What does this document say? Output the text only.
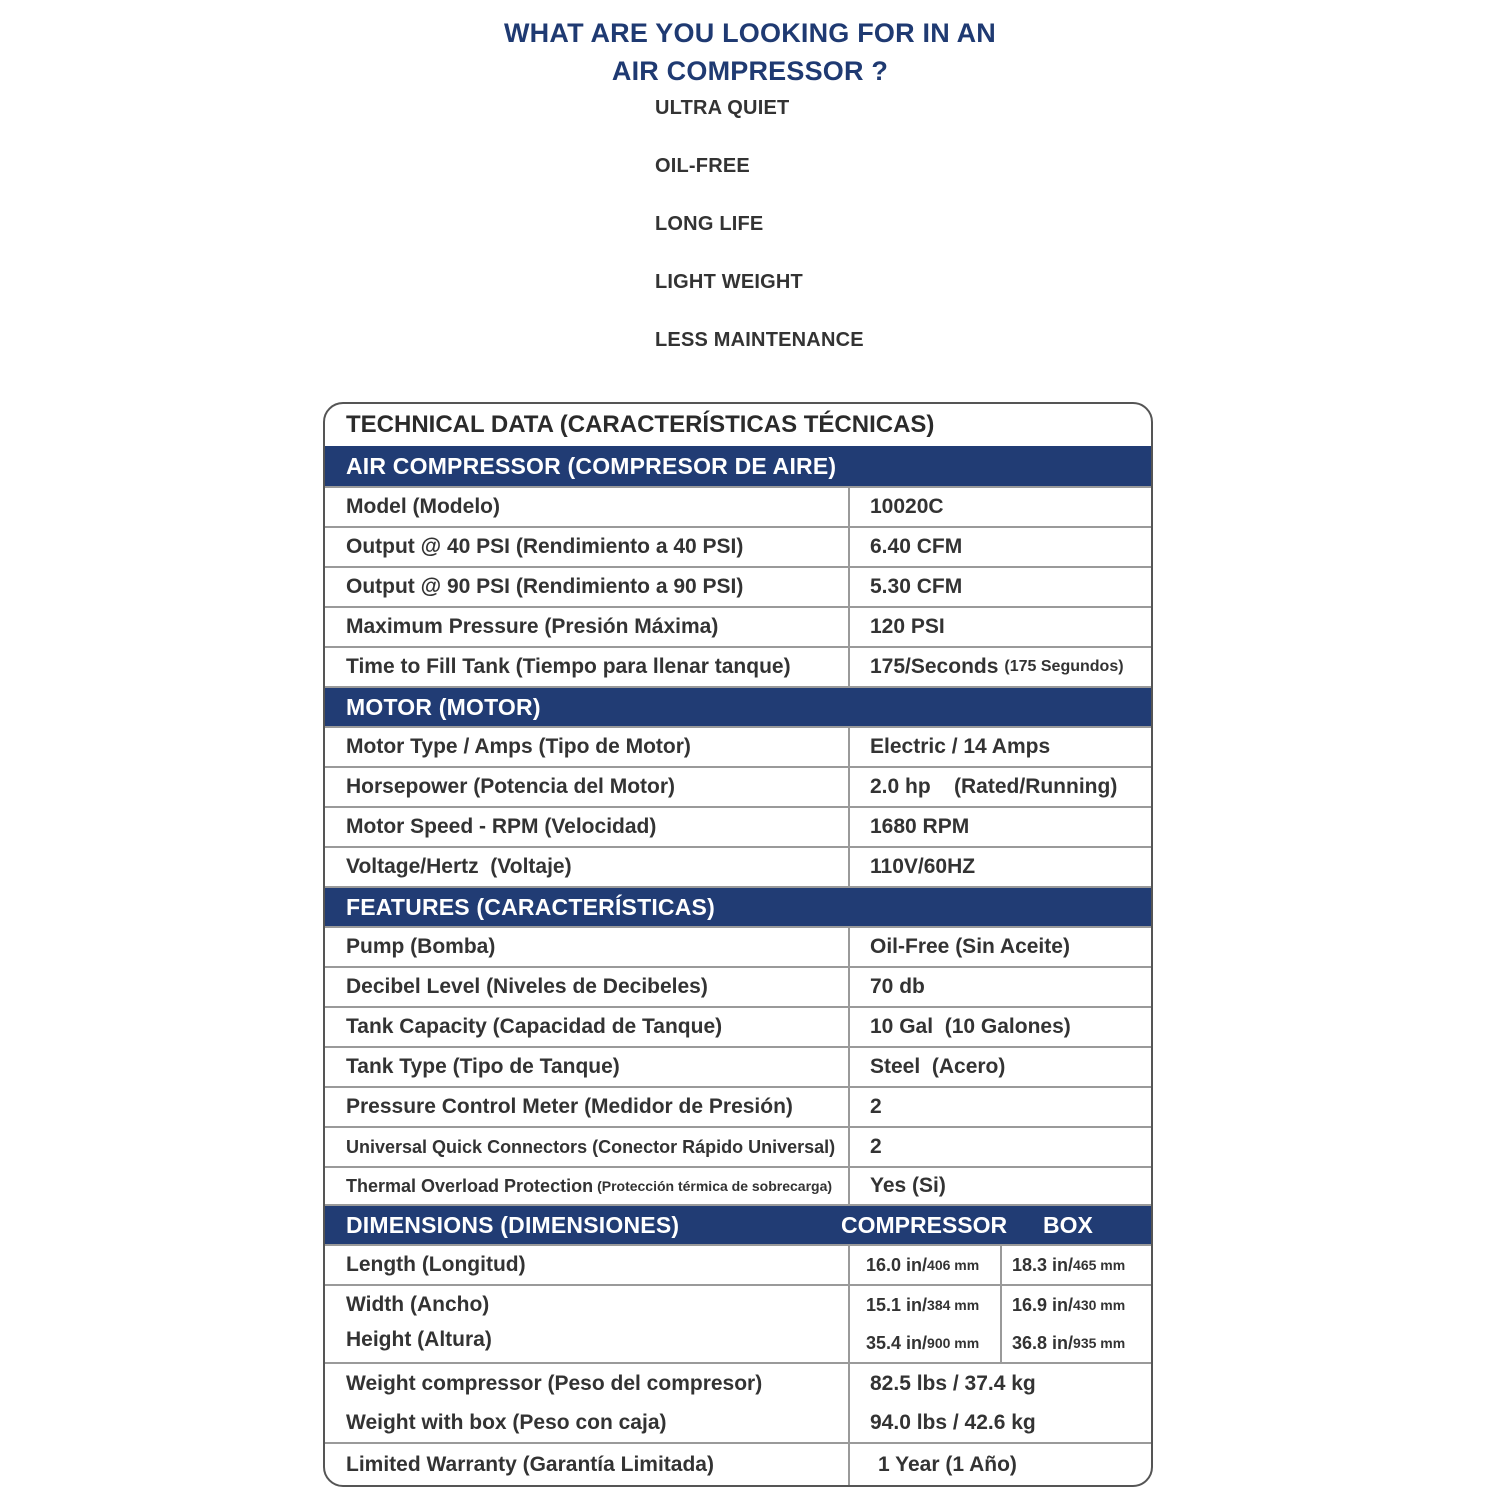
WHAT ARE YOU LOOKING FOR IN AN
AIR COMPRESSOR ?
ULTRA QUIET
OIL-FREE
LONG LIFE
LIGHT WEIGHT
LESS MAINTENANCE
TECHNICAL DATA (CARACTERÍSTICAS TÉCNICAS)
AIR COMPRESSOR (COMPRESOR DE AIRE)
Model (Modelo)	10020C
Output @ 40 PSI (Rendimiento a 40 PSI)	6.40 CFM
Output @ 90 PSI (Rendimiento a 90 PSI)	5.30 CFM
Maximum Pressure (Presión Máxima)	120 PSI
Time to Fill Tank (Tiempo para llenar tanque)	175/Seconds (175 Segundos)
MOTOR (MOTOR)
Motor Type / Amps (Tipo de Motor)	Electric / 14 Amps
Horsepower (Potencia del Motor)	2.0 hp    (Rated/Running)
Motor Speed - RPM (Velocidad)	1680 RPM
Voltage/Hertz  (Voltaje)	110V/60HZ
FEATURES (CARACTERÍSTICAS)
Pump (Bomba)	Oil-Free (Sin Aceite)
Decibel Level (Niveles de Decibeles)	70 db
Tank Capacity (Capacidad de Tanque)	10 Gal  (10 Galones)
Tank Type (Tipo de Tanque)	Steel  (Acero)
Pressure Control Meter (Medidor de Presión)	2
Universal Quick Connectors (Conector Rápido Universal)	2
Thermal Overload Protection (Protección térmica de sobrecarga)	Yes (Si)
DIMENSIONS (DIMENSIONES)	COMPRESSOR BOX
Length (Longitud)	16.0 in/ 406 mm 18.3 in/ 465 mm
Width (Ancho)	15.1 in/ 384 mm 16.9 in/ 430 mm
Height (Altura)	35.4 in/ 900 mm 36.8 in/ 935 mm
Weight compressor (Peso del compresor)	82.5 lbs / 37.4 kg
Weight with box (Peso con caja)	94.0 lbs / 42.6 kg
Limited Warranty (Garantía Limitada)	1 Year (1 Año)
